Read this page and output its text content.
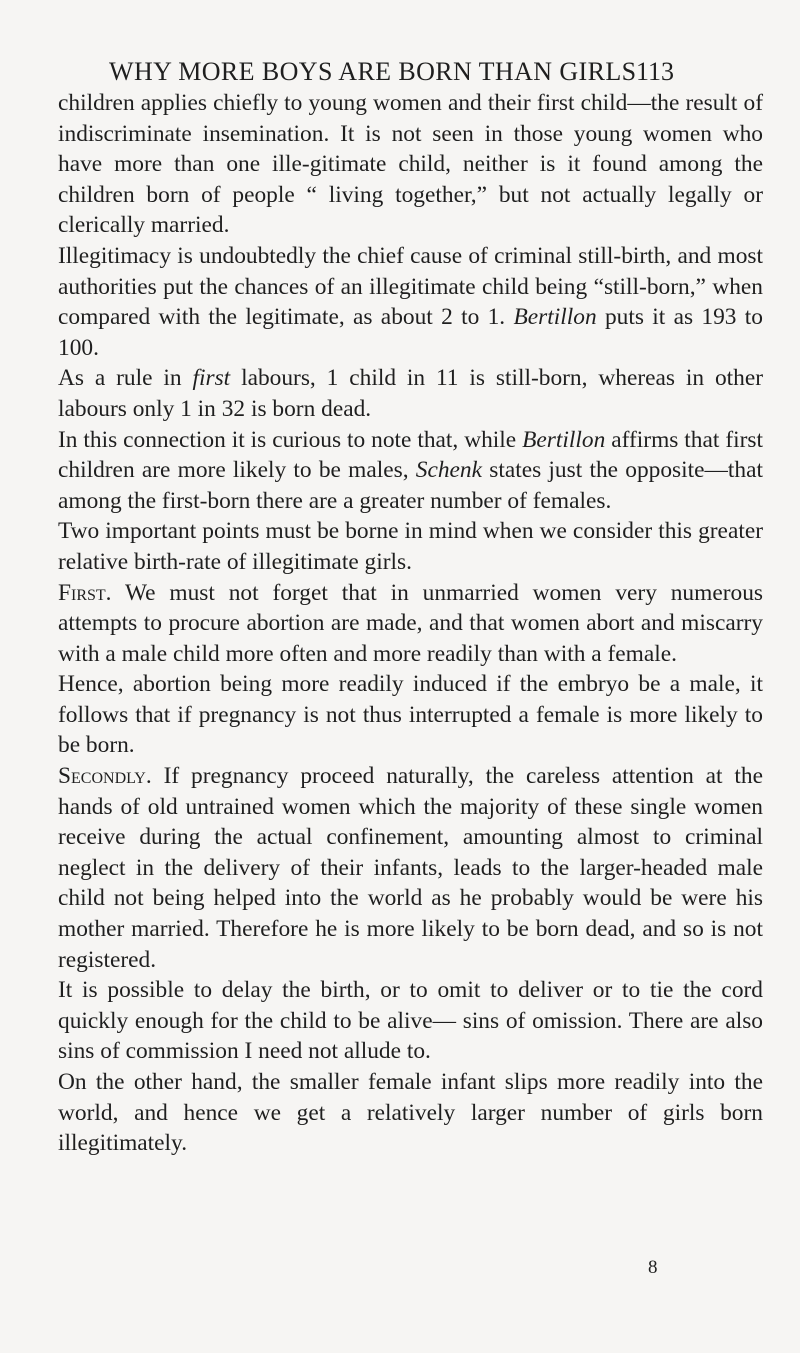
WHY MORE BOYS ARE BORN THAN GIRLS 113

children applies chiefly to young women and their first child—the result of indiscriminate insemination. It is not seen in those young women who have more than one ille-gitimate child, neither is it found among the children born of people “ living together,” but not actually legally or clerically married.

Illegitimacy is undoubtedly the chief cause of criminal still-birth, and most authorities put the chances of an illegitimate child being “still-born,” when compared with the legitimate, as about 2 to 1. Bertillon puts it as 193 to 100.

As a rule in first labours, 1 child in 11 is still-born, whereas in other labours only 1 in 32 is born dead.

In this connection it is curious to note that, while Bertillon affirms that first children are more likely to be males, Schenk states just the opposite—that among the first-born there are a greater number of females.

Two important points must be borne in mind when we consider this greater relative birth-rate of illegitimate girls.

First. We must not forget that in unmarried women very numerous attempts to procure abortion are made, and that women abort and miscarry with a male child more often and more readily than with a female.

Hence, abortion being more readily induced if the embryo be a male, it follows that if pregnancy is not thus interrupted a female is more likely to be born.

Secondly. If pregnancy proceed naturally, the careless attention at the hands of old untrained women which the majority of these single women receive during the actual confinement, amounting almost to criminal neglect in the delivery of their infants, leads to the larger-headed male child not being helped into the world as he probably would be were his mother married. Therefore he is more likely to be born dead, and so is not registered.

It is possible to delay the birth, or to omit to deliver or to tie the cord quickly enough for the child to be alive— sins of omission. There are also sins of commission I need not allude to.

On the other hand, the smaller female infant slips more readily into the world, and hence we get a relatively larger number of girls born illegitimately.

8
